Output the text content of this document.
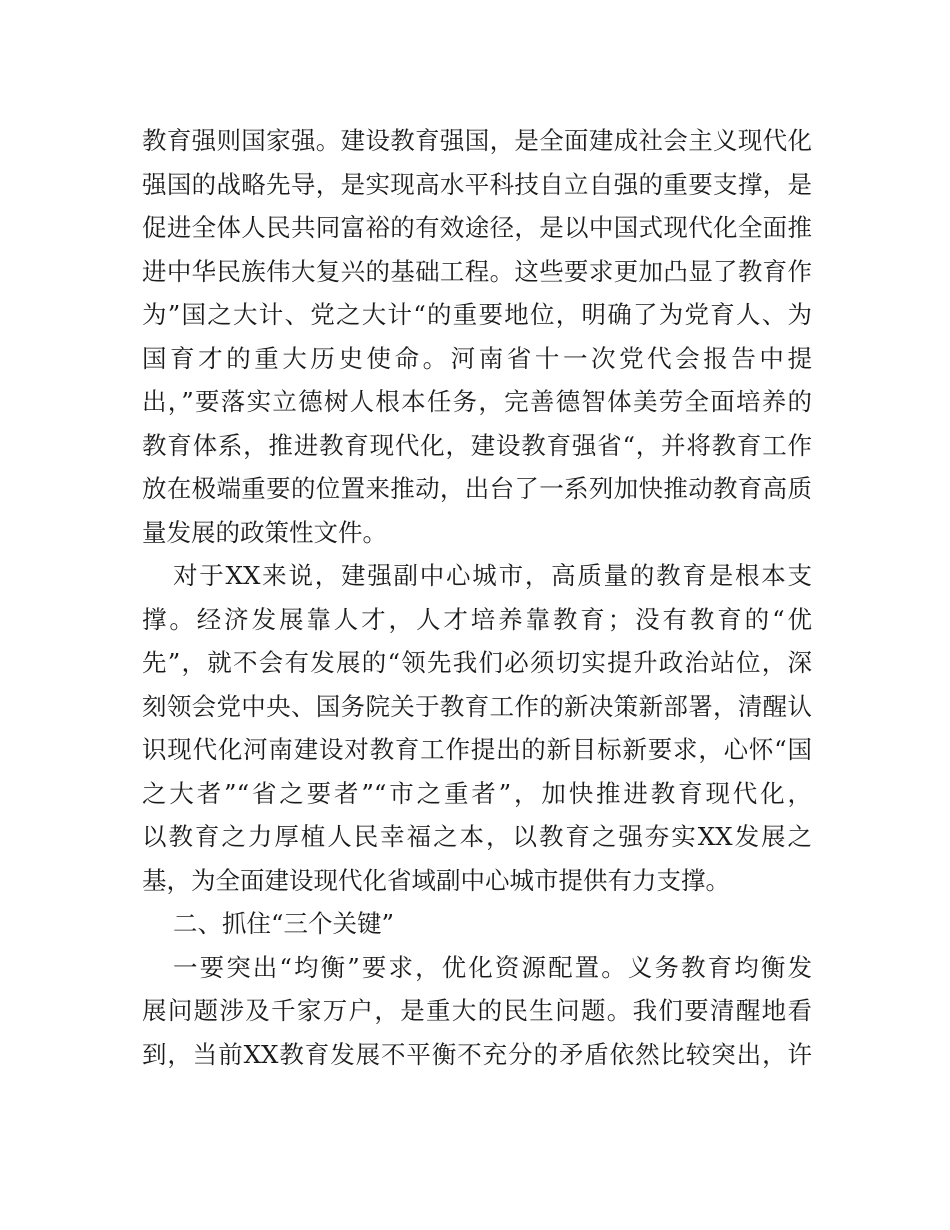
教育强则国家强。建设教育强国，是全面建成社会主义现代化
强国的战略先导，是实现高水平科技自立自强的重要支撑，是
促进全体人民共同富裕的有效途径，是以中国式现代化全面推
进中华民族伟大复兴的基础工程。这些要求更加凸显了教育作
为”国之大计、党之大计“的重要地位，明确了为党育人、为
国育才的重大历史使命。河南省十一次党代会报告中提
出，”要落实立德树人根本任务，完善德智体美劳全面培养的
教育体系，推进教育现代化，建设教育强省“，并将教育工作
放在极端重要的位置来推动，出台了一系列加快推动教育高质
量发展的政策性文件。
对于XX来说，建强副中心城市，高质量的教育是根本支
撑。经济发展靠人才，人才培养靠教育；没有教育的“优
先”，就不会有发展的“领先我们必须切实提升政治站位，深
刻领会党中央、国务院关于教育工作的新决策新部署，清醒认
识现代化河南建设对教育工作提出的新目标新要求，心怀“国
之大者”“省之要者”“市之重者”，加快推进教育现代化，
以教育之力厚植人民幸福之本，以教育之强夯实XX发展之
基，为全面建设现代化省域副中心城市提供有力支撑。
二、抓住“三个关键”
一要突出“均衡”要求，优化资源配置。义务教育均衡发
展问题涉及千家万户，是重大的民生问题。我们要清醒地看
到，当前XX教育发展不平衡不充分的矛盾依然比较突出，许
